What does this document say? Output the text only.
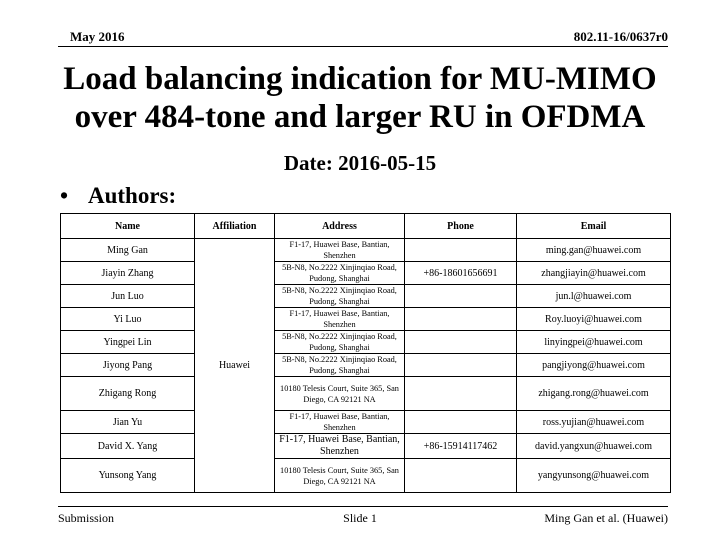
May 2016	802.11-16/0637r0
Load balancing indication for MU-MIMO over 484-tone and larger RU in OFDMA
Date: 2016-05-15
• Authors:
Name	Affiliation	Address	Phone	Email
Ming Gan	Huawei	F1-17, Huawei Base, Bantian, Shenzhen		ming.gan@huawei.com
Jiayin Zhang		5B-N8, No.2222 Xinjinqiao Road, Pudong, Shanghai	+86-18601656691	zhangjiayin@huawei.com
Jun Luo		5B-N8, No.2222 Xinjinqiao Road, Pudong, Shanghai		jun.l@huawei.com
Yi Luo		F1-17, Huawei Base, Bantian, Shenzhen		Roy.luoyi@huawei.com
Yingpei Lin		5B-N8, No.2222 Xinjinqiao Road, Pudong, Shanghai		linyingpei@huawei.com
Jiyong Pang		5B-N8, No.2222 Xinjinqiao Road, Pudong, Shanghai		pangjiyong@huawei.com
Zhigang Rong		10180 Telesis Court, Suite 365, San Diego, CA 92121 NA		zhigang.rong@huawei.com
Jian Yu		F1-17, Huawei Base, Bantian, Shenzhen		ross.yujian@huawei.com
David X. Yang		F1-17, Huawei Base, Bantian, Shenzhen	+86-15914117462	david.yangxun@huawei.com
Yunsong Yang		10180 Telesis Court, Suite 365, San Diego, CA 92121 NA		yangyunsong@huawei.com
Submission	Slide 1	Ming Gan et al. (Huawei)
